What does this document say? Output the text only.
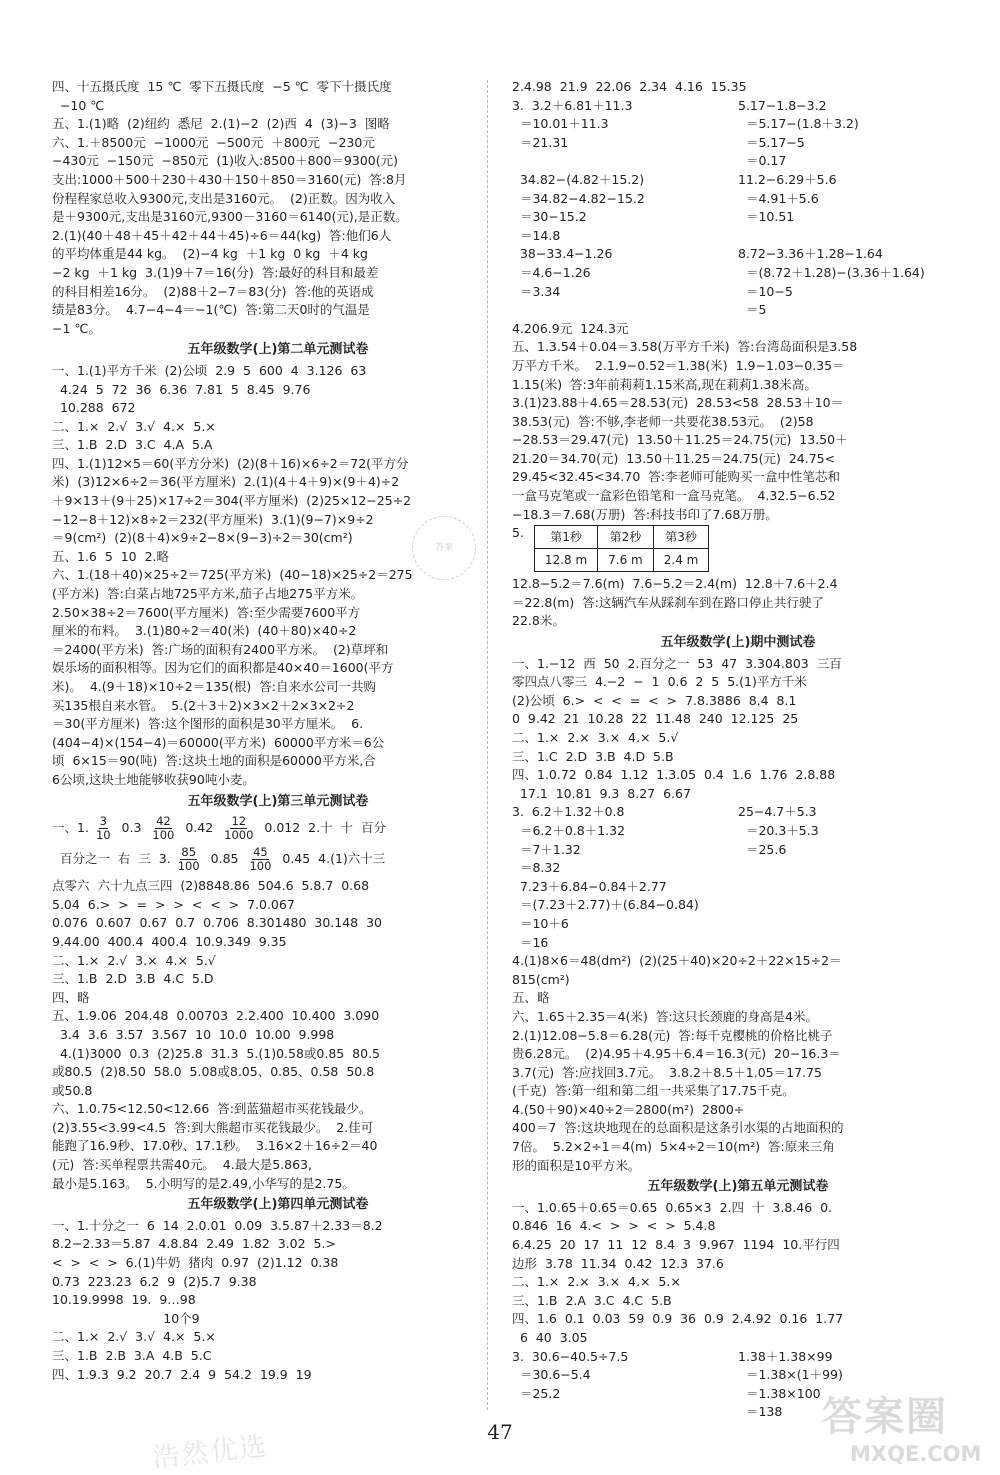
四、十五摄氏度  15 ℃  零下五摄氏度  −5 ℃  零下十摄氏度
−10 ℃
五、1.(1)略  (2)纽约  悉尼  2.(1)−2  (2)西  4  (3)−3  图略
六、1.＋8500元  −1000元  −500元  ＋800元  −230元
−430元  −150元  −850元  (1)收入:8500＋800＝9300(元)
支出:1000＋500＋230＋430＋150＋850＝3160(元)  答:8月
份程程家总收入9300元,支出是3160元。  (2)正数。因为收入
是＋9300元,支出是3160元,9300－3160＝6140(元),是正数。
2.(1)(40＋48＋45＋42＋44＋45)÷6＝44(kg)  答:他们6人
的平均体重是44 kg。  (2)−4 kg  ＋1 kg  0 kg  ＋4 kg
−2 kg  ＋1 kg  3.(1)9＋7＝16(分)  答:最好的科目和最差
的科目相差16分。  (2)88＋2−7＝83(分)  答:他的英语成
绩是83分。  4.7−4−4＝−1(℃)  答:第二天0时的气温是
−1 ℃。
五年级数学(上)第二单元测试卷
一、1.(1)平方千米  (2)公顷  2.9  5  600  4  3.126  63
4.24  5  72  36  6.36  7.81  5  8.45  9.76
10.288  672
二、1.×  2.√  3.√  4.×  5.×
三、1.B  2.D  3.C  4.A  5.A
四、1.(1)12×5＝60(平方分米)  (2)(8＋16)×6÷2＝72(平方分
米)  (3)12×6÷2＝36(平方厘米)  2.(1)(4＋4＋9)×(9＋4)÷2
＋9×13＋(9＋25)×17÷2＝304(平方厘米)  (2)25×12−25÷2
−12−8＋12)×8÷2＝232(平方厘米)  3.(1)(9−7)×9÷2
＝9(cm²)  (2)(8＋4)×9÷2−8×(9−3)÷2＝30(cm²)
五、1.6  5  10  2.略
六、1.(18＋40)×25÷2＝725(平方米)  (40−18)×25÷2＝275
(平方米)  答:白菜占地725平方米,茄子占地275平方米。
2.50×38÷2＝7600(平方厘米)  答:至少需要7600平方
厘米的布料。  3.(1)80÷2＝40(米)  (40＋80)×40÷2
＝2400(平方米)  答:广场的面积有2400平方米。  (2)草坪和
娱乐场的面积相等。因为它们的面积都是40×40＝1600(平方
米)。  4.(9＋18)×10÷2＝135(根)  答:自来水公司一共购
买135根自来水管。  5.(2＋3＋2)×3×2＋2×3×2÷2
＝30(平方厘米)  答:这个图形的面积是30平方厘米。  6.
(404−4)×(154−4)＝60000(平方米)  60000平方米＝6公
顷  6×15＝90(吨)  答:这块土地的面积是60000平方米,合
6公顷,这块土地能够收获90吨小麦。
五年级数学(上)第三单元测试卷
一、1. $\frac{3}{10} 0.3 \frac{42}{100} 0.42 \frac{12}{1000} 0.012$  2.十  十  百分
百分之一  右  三  3. $\frac{85}{100} 0.85 \frac{45}{100} 0.45$  4.(1)六十三
点零六  六十九点三四  (2)8848.86  504.6  5.8.7  0.68
5.04  6.>  >  =  >  >  <  <  >  7.0.067
0.076  0.607  0.67  0.7  0.706  8.301480  30.148  30
9.44.00  400.4  400.4  10.9.349  9.35
二、1.×  2.√  3.×  4.×  5.√
三、1.B  2.D  3.B  4.C  5.D
四、略
五、1.9.06  204.48  0.00703  2.2.400  10.400  3.090
3.4  3.6  3.57  3.567  10  10.0  10.00  9.998
4.(1)3000  0.3  (2)25.8  31.3  5.(1)0.58或0.85  80.5
或80.5  (2)8.50  58.0  5.08或8.05、0.85、0.58  50.8
或50.8
六、1.0.75<12.50<12.66  答:到蓝猫超市买花钱最少。
(2)3.55<3.99<4.5  答:到大熊超市买花钱最少。  2.佳可
能跑了16.9秒、17.0秒、17.1秒。  3.16×2＋16÷2＝40
(元)  答:买单程票共需40元。  4.最大是5.863,
最小是5.163。  5.小明写的是2.49,小华写的是2.75。
五年级数学(上)第四单元测试卷
一、1.十分之一  6  14  2.0.01  0.09  3.5.87＋2.33＝8.2
8.2−2.33＝5.87  4.8.84  2.49  1.82  3.02  5.>
<  >  <  >  6.(1)牛奶  猪肉  0.97  (2)1.12  0.38
0.73  223.23  6.2  9  (2)5.7  9.38
10.19.9998  19.  9…98
10个9
二、1.×  2.√  3.√  4.×  5.×
三、1.B  2.B  3.A  4.B  5.C
四、1.9.3  9.2  20.7  2.4  9  54.2  19.9  19
2.4.98  21.9  22.06  2.34  4.16  15.35
3.  3.2＋6.81＋11.3	5.17−1.8−3.2
＝10.01＋11.3	＝5.17−(1.8＋3.2)
＝21.31	＝5.17−5
＝0.17
34.82−(4.82＋15.2)	11.2−6.29＋5.6
＝34.82−4.82−15.2	＝4.91＋5.6
＝30−15.2	＝10.51
＝14.8
38−33.4−1.26	8.72−3.36＋1.28−1.64
＝4.6−1.26	＝(8.72＋1.28)−(3.36＋1.64)
＝3.34	＝10−5
＝5
4.206.9元  124.3元
五、1.3.54＋0.04＝3.58(万平方千米)  答:台湾岛面积是3.58
万平方千米。  2.1.9−0.52＝1.38(米)  1.9−1.03−0.35＝
1.15(米)  答:3年前莉莉1.15米高,现在莉莉1.38米高。
3.(1)23.88＋4.65＝28.53(元)  28.53<58  28.53＋10＝
38.53(元)  答:不够,李老师一共要花38.53元。  (2)58
−28.53＝29.47(元)  13.50＋11.25＝24.75(元)  13.50＋
21.20＝34.70(元)  13.50＋11.25＝24.75(元)  24.75<
29.45<32.45<34.70  答:李老师可能购买一盒中性笔芯和
一盒马克笔或一盒彩色铅笔和一盒马克笔。  4.32.5−6.52
−18.3＝7.68(万册)  答:科技书印了7.68万册。
5. 第1秒	第2秒	第3秒
12.8 m	7.6 m	2.4 m
12.8−5.2＝7.6(m)  7.6−5.2＝2.4(m)  12.8＋7.6＋2.4
＝22.8(m)  答:这辆汽车从踩刹车到在路口停止共行驶了
22.8米。
五年级数学(上)期中测试卷
一、1.−12  西  50  2.百分之一  53  47  3.304.803  三百
零四点八零三  4.−2  −  1  0.6  2  5  5.(1)平方千米
(2)公顷  6.>  <  <  =  <  >  7.8.3886  8.4  8.1
0  9.42  21  10.28  22  11.48  240  12.125  25
二、1.×  2.×  3.×  4.×  5.√
三、1.C  2.D  3.B  4.D  5.B
四、1.0.72  0.84  1.12  1.3.05  0.4  1.6  1.76  2.8.88
17.1  10.81  9.3  8.27  6.67
3.  6.2＋1.32＋0.8	25−4.7＋5.3
＝6.2＋0.8＋1.32	＝20.3＋5.3
＝7＋1.32	＝25.6
＝8.32
7.23＋6.84−0.84＋2.77
＝(7.23＋2.77)＋(6.84−0.84)
＝10＋6
＝16
4.(1)8×6＝48(dm²)  (2)(25＋40)×20÷2＋22×15÷2＝
815(cm²)
五、略
六、1.65＋2.35＝4(米)  答:这只长颈鹿的身高是4米。
2.(1)12.08−5.8＝6.28(元)  答:每千克樱桃的价格比桃子
贵6.28元。  (2)4.95＋4.95＋6.4＝16.3(元)  20−16.3＝
3.7(元)  答:应找回3.7元。  3.8.2＋8.5＋1.05＝17.75
(千克)  答:第一组和第二组一共采集了17.75千克。
4.(50＋90)×40÷2＝2800(m²)  2800÷
400＝7  答:这块地现在的总面积是这条引水渠的占地面积的
7倍。  5.2×2÷1＝4(m)  5×4÷2＝10(m²)  答:原来三角
形的面积是10平方米。
五年级数学(上)第五单元测试卷
一、1.0.65＋0.65＝0.65  0.65×3  2.四  十  3.8.46  0.
0.846  16  4.<  >  >  <  >  5.4.8
6.4.25  20  17  11  12  8.4  3  9.967  1194  10.平行四
边形  3.78  11.34  0.42  12.3  37.6
二、1.×  2.×  3.×  4.×  5.×
三、1.B  2.A  3.C  4.C  5.B
四、1.6  0.1  0.03  59  0.9  36  0.9  2.4.92  0.16  1.77
6  40  3.05
3.  30.6−40.5÷7.5	1.38＋1.38×99
＝30.6−5.4	＝1.38×(1＋99)
＝25.2	＝1.38×100
＝138
答案
47
浩然优选
答案圈
MXQE.COM
